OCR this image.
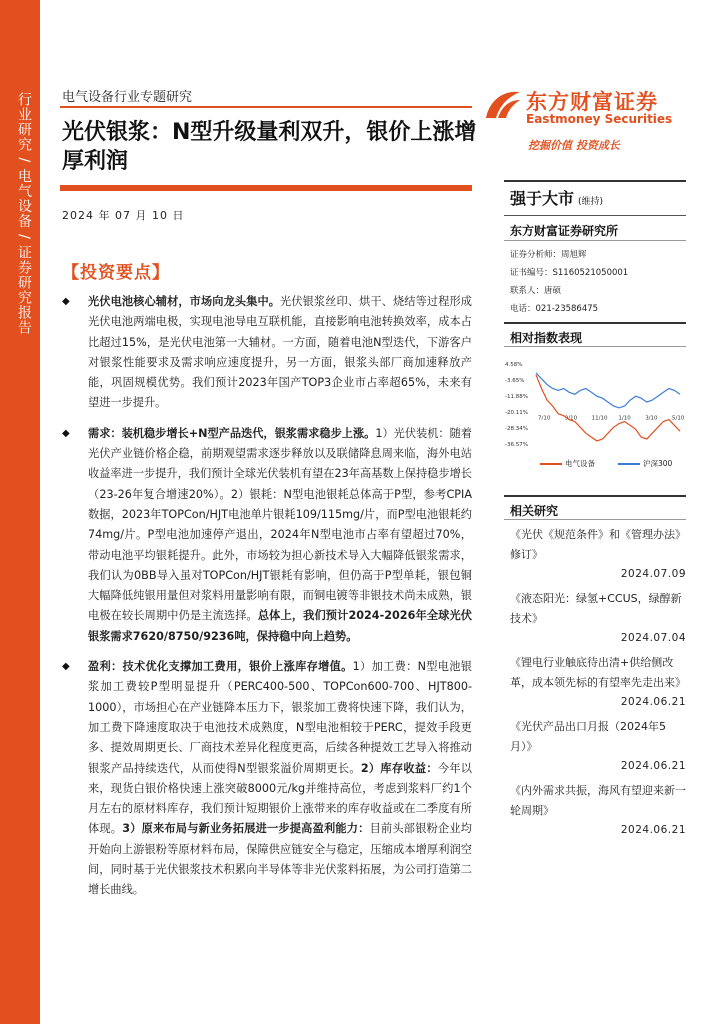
行业研究 / 电气设备 / 证券研究报告 电气设备行业专题研究
光伏银浆：N型升级量利双升，银价上涨增厚利润
2024 年 07 月 10 日
东方财富证券
Eastmoney Securities
挖掘价值 投资成长
强于大市 (维持)
东方财富证券研究所
证券分析师：周旭辉
证书编号：S1160521050001
联系人：唐硕
电话：021-23586475
相对指数表现
4.58%
-3.65%
-11.88%
-20.11%
-28.34%
-36.57%
7/10	9/10	11/10 1/10	3/10	5/10
电气设备	沪深300
相关研究
《光伏《规范条件》和《管理办法》修订》
2024.07.09
《液态阳光：绿氢+CCUS，绿醇新技术》
2024.07.04
《锂电行业触底待出清+供给侧改革，成本领先标的有望率先走出来》
2024.06.21
《光伏产品出口月报（2024年5月）》
2024.06.21
《内外需求共振，海风有望迎来新一轮周期》
2024.06.21
【投资要点】
◆	光伏电池核心辅材，市场向龙头集中。光伏银浆丝印、烘干、烧结等过程形成光伏电池两端电极，实现电池导电互联机能，直接影响电池转换效率，成本占比超过15%，是光伏电池第一大辅材。一方面，随着电池N型迭代，下游客户对银浆性能要求及需求响应速度提升，另一方面，银浆头部厂商加速释放产能，巩固规模优势。我们预计2023年国产TOP3企业市占率超65%，未来有望进一步提升。
◆	需求：装机稳步增长+N型产品迭代，银浆需求稳步上涨。1）光伏装机：随着光伏产业链价格企稳，前期观望需求逐步释放以及联储降息周来临，海外电站收益率进一步提升，我们预计全球光伏装机有望在23年高基数上保持稳步增长（23-26年复合增速20%）。2）银耗：N型电池银耗总体高于P型，参考CPIA数据，2023年TOPCon/HJT电池单片银耗109/115mg/片，而P型电池银耗约74mg/片。P型电池加速停产退出，2024年N型电池市占率有望超过70%，带动电池平均银耗提升。此外，市场较为担心新技术导入大幅降低银浆需求，我们认为0BB导入虽对TOPCon/HJT银耗有影响，但仍高于P型单耗，银包铜大幅降低纯银用量但对浆料用量影响有限，而铜电镀等非银技术尚未成熟，银电极在较长周期中仍是主流选择。总体上，我们预计2024-2026年全球光伏银浆需求7620/8750/9236吨，保持稳中向上趋势。
◆	盈利：技术优化支撑加工费用，银价上涨库存增值。1）加工费：N型电池银浆加工费较P型明显提升（PERC400-500、TOPCon600-700、HJT800-1000），市场担心在产业链降本压力下，银浆加工费将快速下降，我们认为，加工费下降速度取决于电池技术成熟度，N型电池相较于PERC，提效手段更多、提效周期更长、厂商技术差异化程度更高，后续各种提效工艺导入将推动银浆产品持续迭代，从而使得N型银浆溢价周期更长。2）库存收益：今年以来，现货白银价格快速上涨突破8000元/kg并维持高位，考虑到浆料厂约1个月左右的原材料库存，我们预计短期银价上涨带来的库存收益或在二季度有所体现。3）原来布局与新业务拓展进一步提高盈利能力：目前头部银粉企业均开始向上游银粉等原材料布局，保障供应链安全与稳定，压缩成本增厚利润空间，同时基于光伏银浆技术积累向半导体等非光伏浆料拓展，为公司打造第二增长曲线。
